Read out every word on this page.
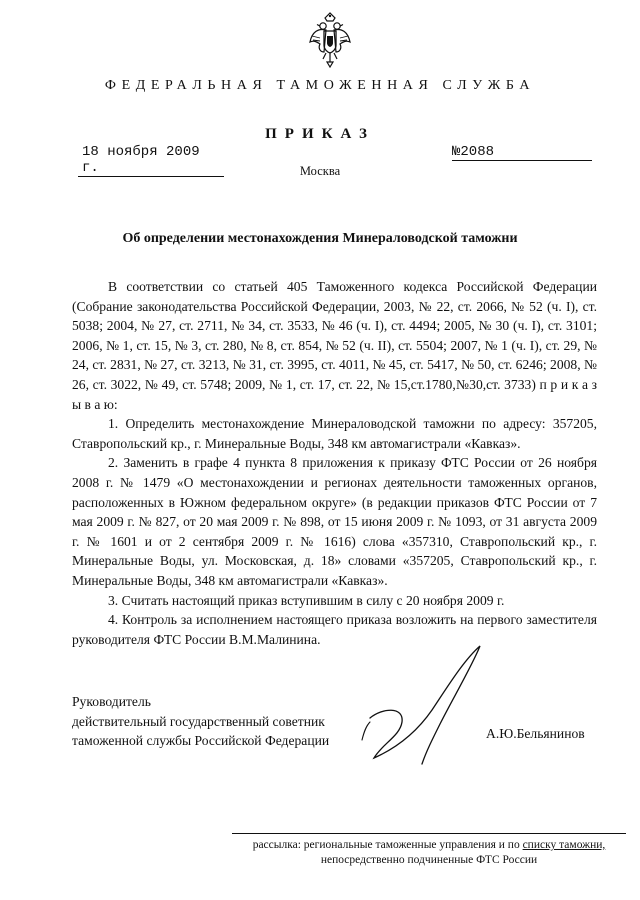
ФЕДЕРАЛЬНАЯ ТАМОЖЕННАЯ СЛУЖБА
ПРИКАЗ
18 ноября 2009 г.
№2088
Москва
Об определении местонахождения Минераловодской таможни

В соответствии со статьей 405 Таможенного кодекса Российской Федерации (Собрание законодательства Российской Федерации, 2003, № 22, ст. 2066, № 52 (ч. I), ст. 5038; 2004, № 27, ст. 2711, № 34, ст. 3533, № 46 (ч. I), ст. 4494; 2005, № 30 (ч. I), ст. 3101; 2006, № 1, ст. 15, № 3, ст. 280, № 8, ст. 854, № 52 (ч. II), ст. 5504; 2007, № 1 (ч. I), ст. 29, № 24, ст. 2831, № 27, ст. 3213, № 31, ст. 3995, ст. 4011, № 45, ст. 5417, № 50, ст. 6246; 2008, № 26, ст. 3022, № 49, ст. 5748; 2009, № 1, ст. 17, ст. 22, № 15,ст.1780,№30,ст. 3733) п р и к а з ы в а ю:

1. Определить местонахождение Минераловодской таможни по адресу: 357205, Ставропольский кр., г. Минеральные Воды, 348 км автомагистрали «Кавказ».

2. Заменить в графе 4 пункта 8 приложения к приказу ФТС России от 26 ноября 2008 г. № 1479 «О местонахождении и регионах деятельности таможенных органов, расположенных в Южном федеральном округе» (в редакции приказов ФТС России от 7 мая 2009 г. № 827, от 20 мая 2009 г. № 898, от 15 июня 2009 г. № 1093, от 31 августа 2009 г. № 1601 и от 2 сентября 2009 г. № 1616) слова «357310, Ставропольский кр., г. Минеральные Воды, ул. Московская, д. 18» словами «357205, Ставропольский кр., г. Минеральные Воды, 348 км автомагистрали «Кавказ».

3. Считать настоящий приказ вступившим в силу с 20 ноября 2009 г.

4. Контроль за исполнением настоящего приказа возложить на первого заместителя руководителя ФТС России В.М.Малинина.

Руководитель
действительный государственный советник
таможенной службы Российской Федерации	А.Ю.Бельянинов
рассылка: региональные таможенные управления и по списку таможни,
непосредственно подчиненные ФТС России
